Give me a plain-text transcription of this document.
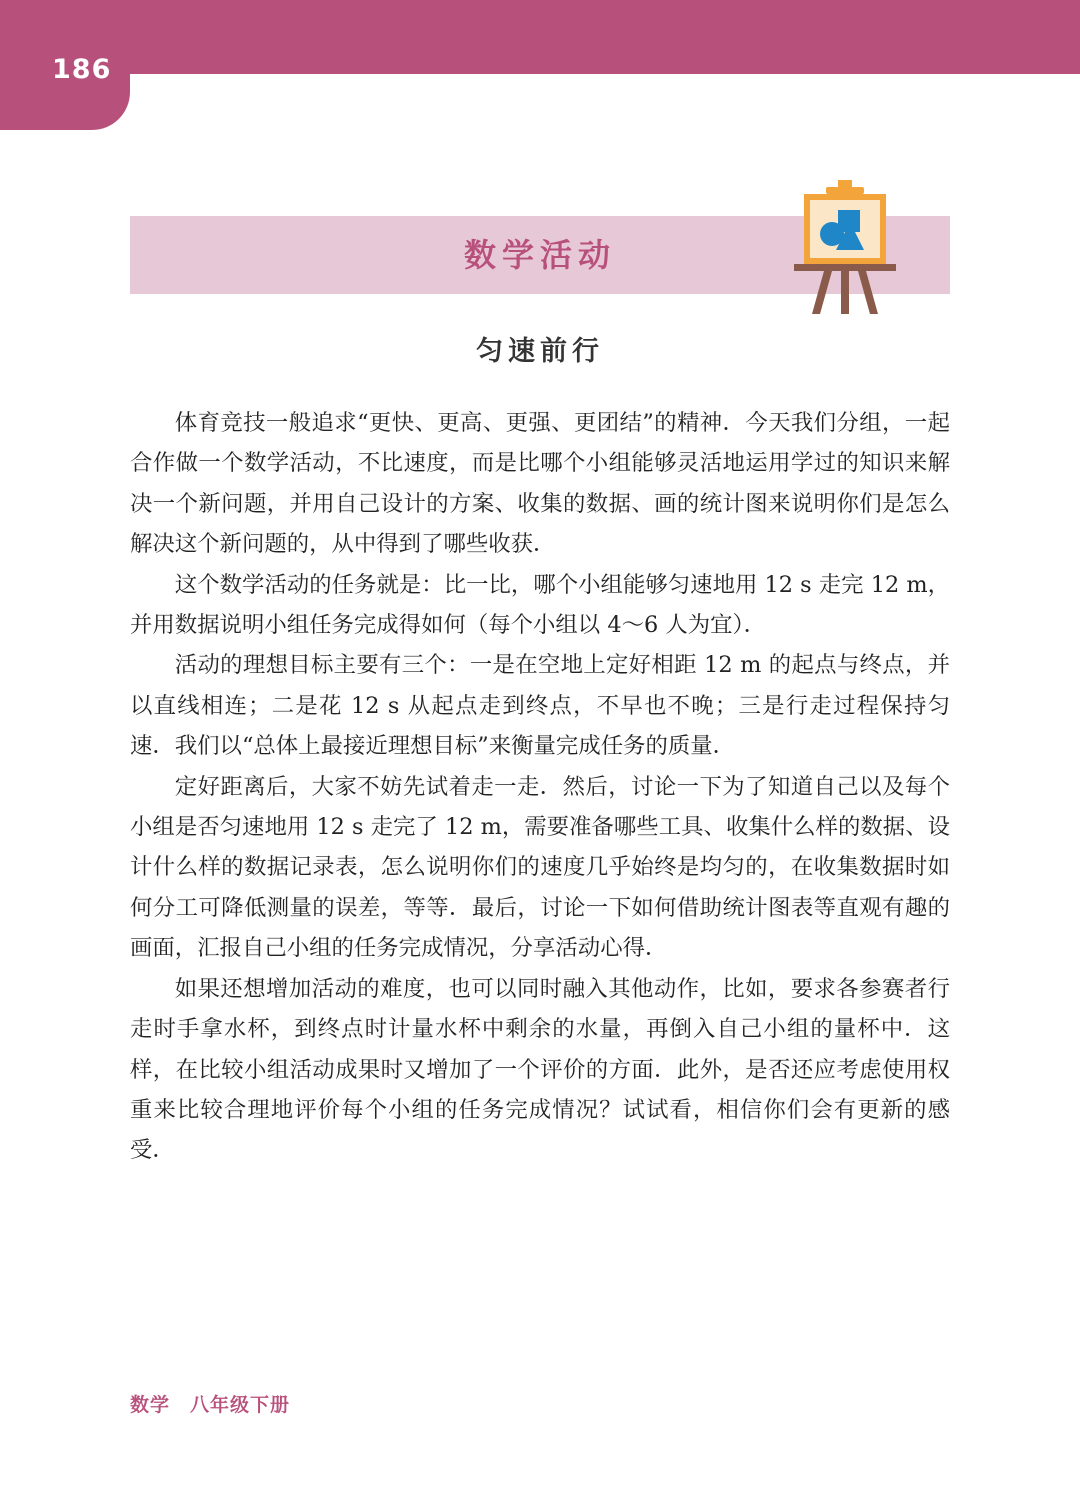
186
数学活动
匀速前行

体育竞技一般追求“更快、更高、更强、更团结”的精神．今天我们分组，一起合作做一个数学活动，不比速度，而是比哪个小组能够灵活地运用学过的知识来解决一个新问题，并用自己设计的方案、收集的数据、画的统计图来说明你们是怎么解决这个新问题的，从中得到了哪些收获．

这个数学活动的任务就是：比一比，哪个小组能够匀速地用 12 s 走完 12 m，并用数据说明小组任务完成得如何（每个小组以 4～6 人为宜）．

活动的理想目标主要有三个：一是在空地上定好相距 12 m 的起点与终点，并以直线相连；二是花 12 s 从起点走到终点，不早也不晚；三是行走过程保持匀速．我们以“总体上最接近理想目标”来衡量完成任务的质量．

定好距离后，大家不妨先试着走一走．然后，讨论一下为了知道自己以及每个小组是否匀速地用 12 s 走完了 12 m，需要准备哪些工具、收集什么样的数据、设计什么样的数据记录表，怎么说明你们的速度几乎始终是均匀的，在收集数据时如何分工可降低测量的误差，等等．最后，讨论一下如何借助统计图表等直观有趣的画面，汇报自己小组的任务完成情况，分享活动心得．

如果还想增加活动的难度，也可以同时融入其他动作，比如，要求各参赛者行走时手拿水杯，到终点时计量水杯中剩余的水量，再倒入自己小组的量杯中．这样，在比较小组活动成果时又增加了一个评价的方面．此外，是否还应考虑使用权重来比较合理地评价每个小组的任务完成情况？试试看，相信你们会有更新的感受．

数学　八年级下册
